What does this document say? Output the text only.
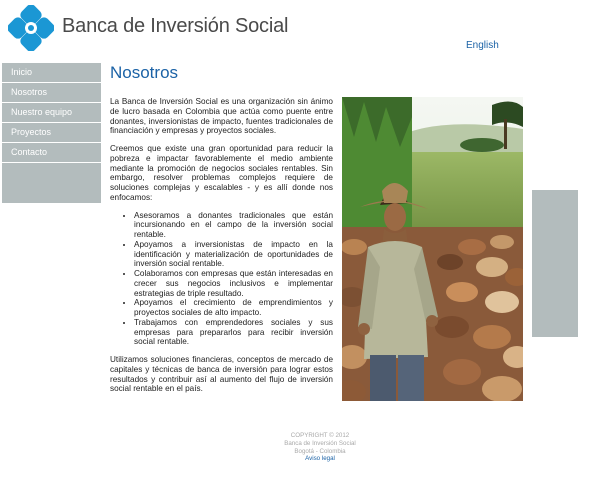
Banca de Inversión Social
English
Inicio
Nosotros
Nuestro equipo
Proyectos
Contacto
Nosotros

La Banca de Inversión Social es una organización sin ánimo de lucro basada en Colombia que actúa como puente entre donantes, inversionistas de impacto, fuentes tradicionales de financiación y empresas y proyectos sociales.

Creemos que existe una gran oportunidad para reducir la pobreza e impactar favorablemente el medio ambiente mediante la promoción de negocios sociales rentables. Sin embargo, resolver problemas complejos requiere de soluciones complejas y escalables - y es allí donde nos enfocamos:

• Asesoramos a donantes tradicionales que están incursionando en el campo de la inversión social rentable.
• Apoyamos a inversionistas de impacto en la identificación y materialización de oportunidades de inversión social rentable.
• Colaboramos con empresas que están interesadas en crecer sus negocios inclusivos e implementar estrategias de triple resultado.
• Apoyamos el crecimiento de emprendimientos y proyectos sociales de alto impacto.
• Trabajamos con emprendedores sociales y sus empresas para prepararlos para recibir inversión social rentable.

Utilizamos soluciones financieras, conceptos de mercado de capitales y técnicas de banca de inversión para lograr estos resultados y contribuir así al aumento del flujo de inversión social rentable en el país.

COPYRIGHT © 2012
Banca de Inversión Social
Bogotá - Colombia
Aviso legal
